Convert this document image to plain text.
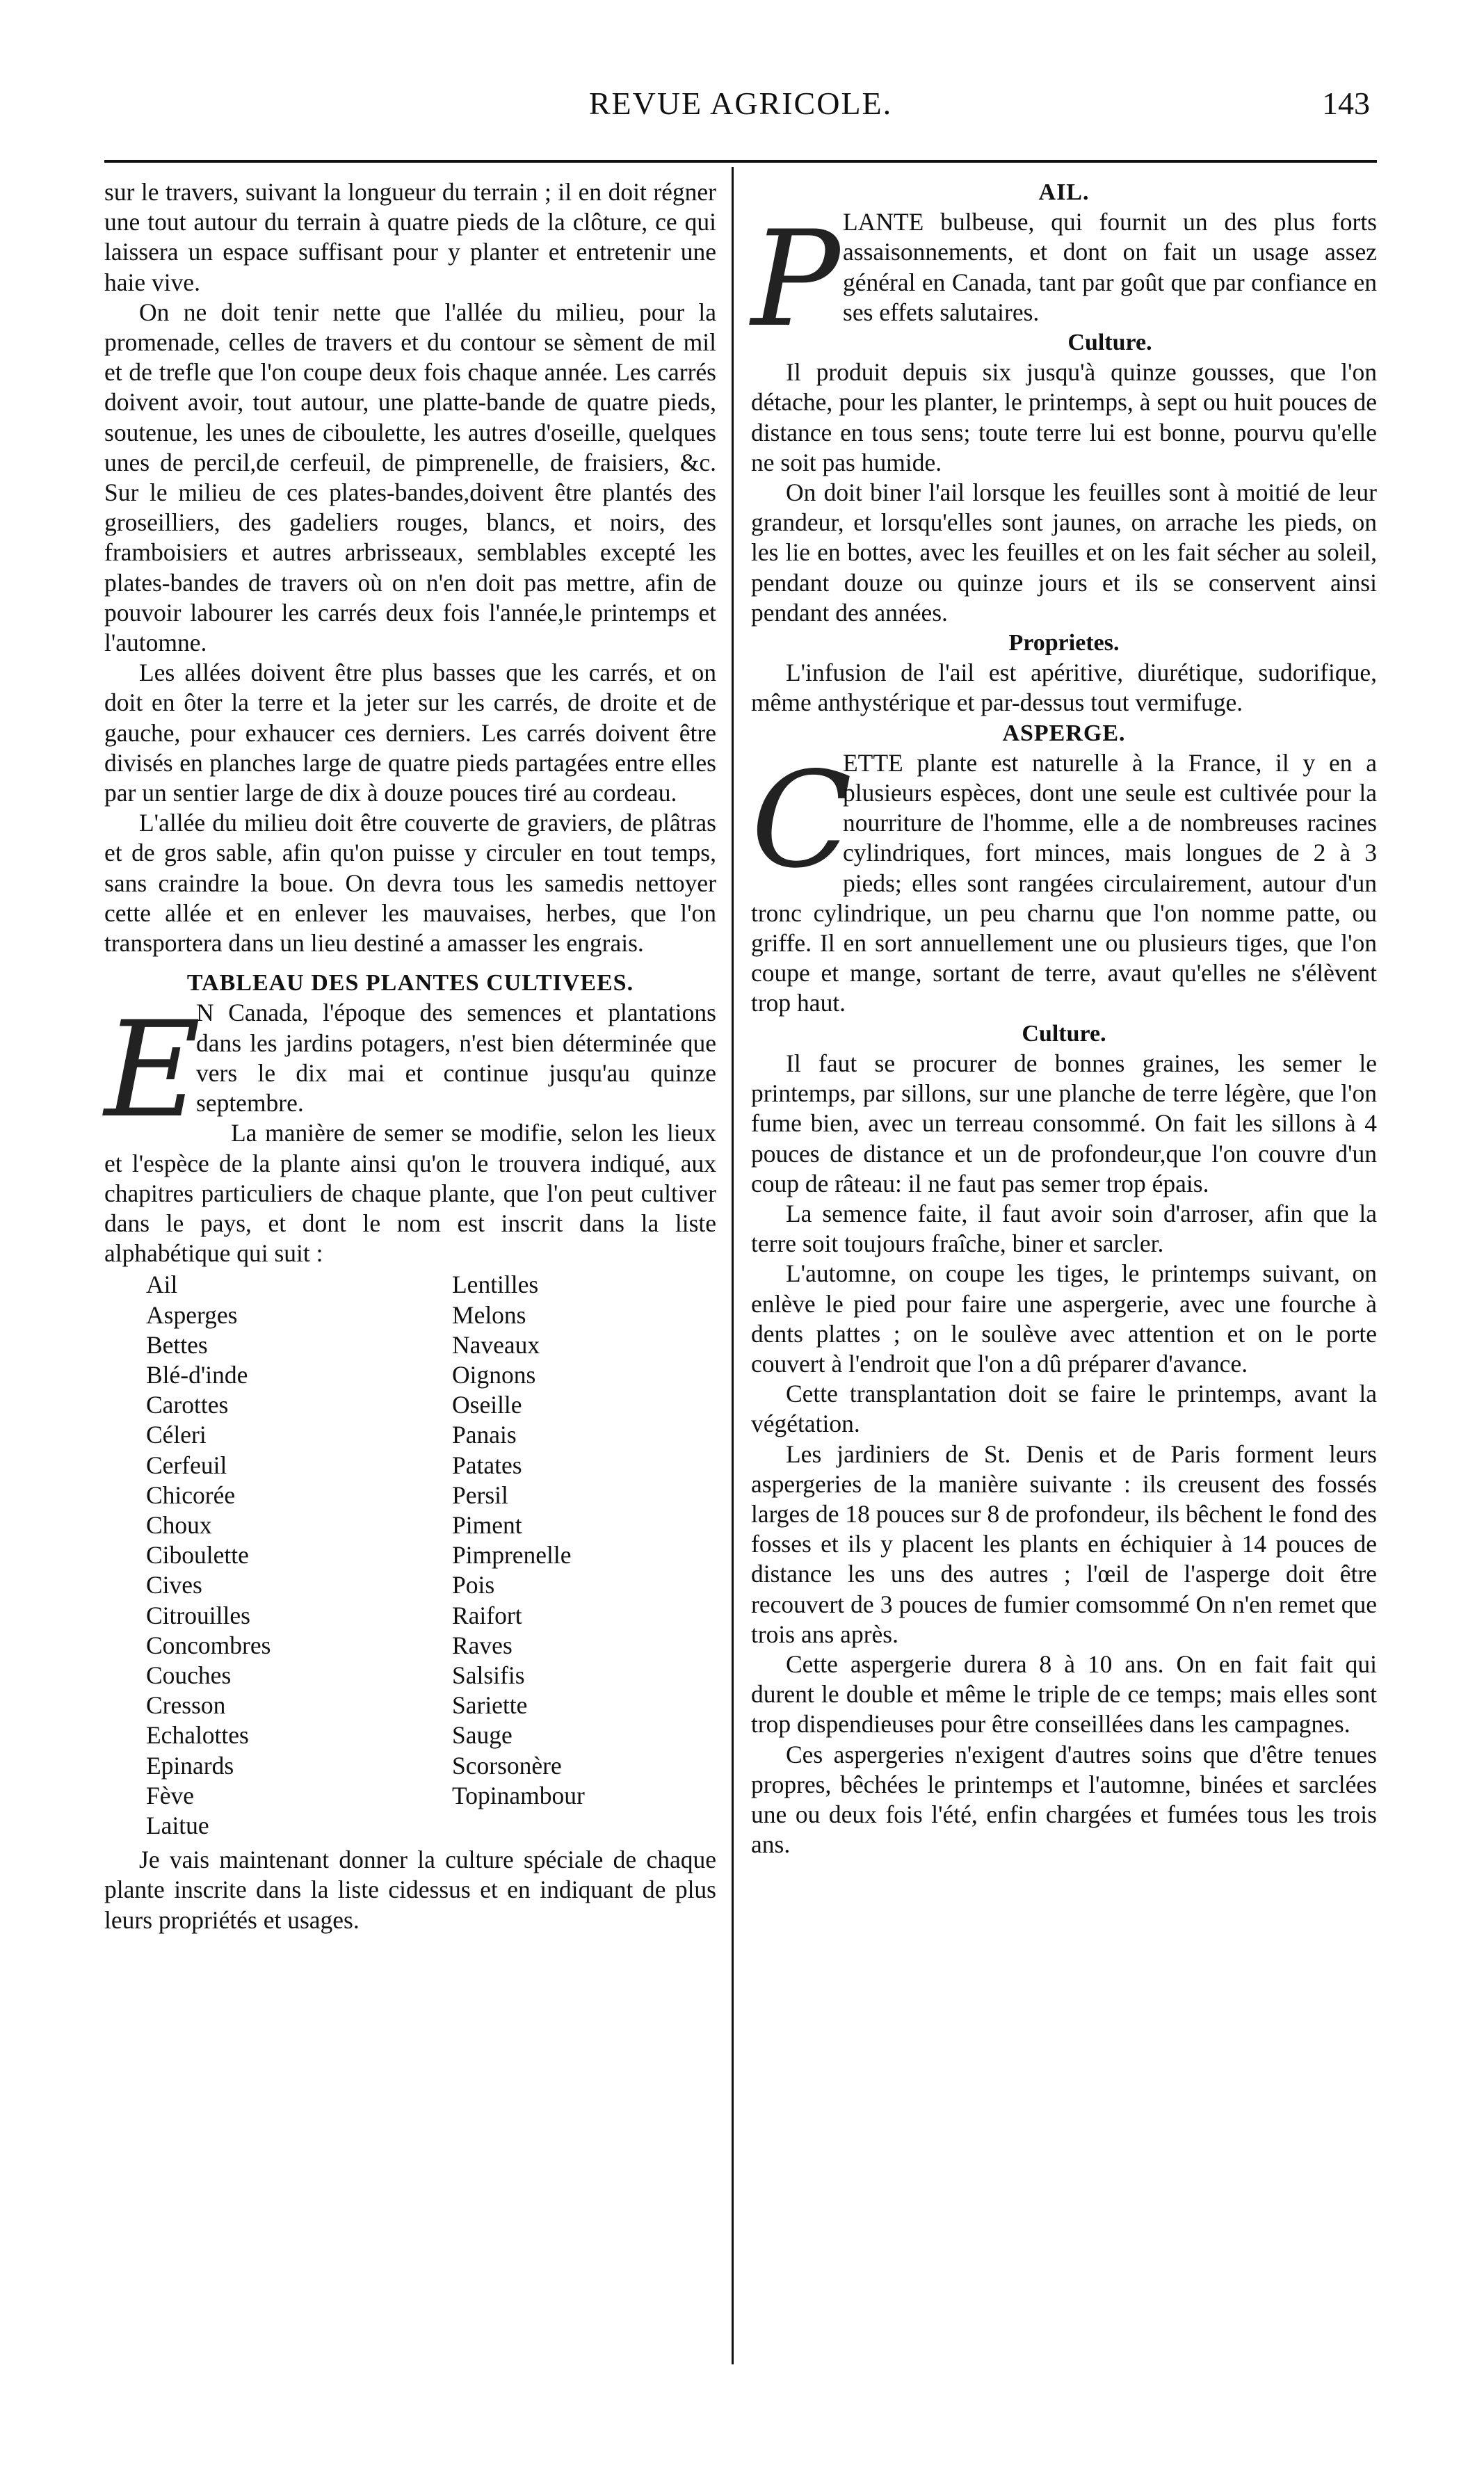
REVUE AGRICOLE.	143

sur le travers, suivant la longueur du terrain ; il en doit régner une tout autour du terrain à quatre pieds de la clôture, ce qui laissera un espace suffisant pour y planter et entretenir une haie vive.

On ne doit tenir nette que l'allée du milieu, pour la promenade, celles de travers et du contour se sèment de mil et de trefle que l'on coupe deux fois chaque année. Les carrés doivent avoir, tout autour, une platte-bande de quatre pieds, soutenue, les unes de ciboulette, les autres d'oseille, quelques unes de percil,de cerfeuil, de pimprenelle, de fraisiers, &c. Sur le milieu de ces plates-bandes,doivent être plantés des groseilliers, des gadeliers rouges, blancs, et noirs, des framboisiers et autres arbrisseaux, semblables excepté les plates-bandes de travers où on n'en doit pas mettre, afin de pouvoir labourer les carrés deux fois l'année,le printemps et l'automne.

Les allées doivent être plus basses que les carrés, et on doit en ôter la terre et la jeter sur les carrés, de droite et de gauche, pour exhaucer ces derniers. Les carrés doivent être divisés en planches large de quatre pieds partagées entre elles par un sentier large de dix à douze pouces tiré au cordeau.

L'allée du milieu doit être couverte de graviers, de plâtras et de gros sable, afin qu'on puisse y circuler en tout temps, sans craindre la boue. On devra tous les samedis nettoyer cette allée et en enlever les mauvaises, herbes, que l'on transportera dans un lieu destiné a amasser les engrais.

TABLEAU DES PLANTES CULTIVEES.
E

N Canada, l'époque des semences et plantations dans les jardins potagers, n'est bien déterminée que vers le dix mai et continue jusqu'au quinze septembre.

La manière de semer se modifie, selon les lieux et l'espèce de la plante ainsi qu'on le trouvera indiqué, aux chapitres particuliers de chaque plante, que l'on peut cultiver dans le pays, et dont le nom est inscrit dans la liste alphabétique qui suit :

Ail
Asperges
Bettes
Blé-d'inde
Carottes
Céleri
Cerfeuil
Chicorée
Choux
Ciboulette
Cives
Citrouilles
Concombres
Couches
Cresson
Echalottes
Epinards
Fève
Laitue
Lentilles
Melons
Naveaux
Oignons
Oseille
Panais
Patates
Persil
Piment
Pimprenelle
Pois
Raifort
Raves
Salsifis
Sariette
Sauge
Scorsonère
Topinambour

Je vais maintenant donner la culture spéciale de chaque plante inscrite dans la liste cidessus et en indiquant de plus leurs propriétés et usages.

AIL.
P LANTE bulbeuse, qui fournit un des plus forts assaisonnements, et dont on fait un usage assez général en Canada, tant par goût que par confiance en ses effets salutaires.

Culture.

Il produit depuis six jusqu'à quinze gousses, que l'on détache, pour les planter, le printemps, à sept ou huit pouces de distance en tous sens; toute terre lui est bonne, pourvu qu'elle ne soit pas humide.

On doit biner l'ail lorsque les feuilles sont à moitié de leur grandeur, et lorsqu'elles sont jaunes, on arrache les pieds, on les lie en bottes, avec les feuilles et on les fait sécher au soleil, pendant douze ou quinze jours et ils se conservent ainsi pendant des années.

Proprietes.

L'infusion de l'ail est apéritive, diurétique, sudorifique, même anthystérique et par-dessus tout vermifuge.

ASPERGE.
C

ETTE plante est naturelle à la France, il y en a plusieurs espèces, dont une seule est cultivée pour la nourriture de l'homme, elle a de nombreuses racines cylindriques, fort minces, mais longues de 2 à 3 pieds; elles sont rangées circulairement, autour d'un tronc cylindrique, un peu charnu que l'on nomme patte, ou griffe. Il en sort annuellement une ou plusieurs tiges, que l'on coupe et mange, sortant de terre, avaut qu'elles ne s'élèvent trop haut.

Culture.

Il faut se procurer de bonnes graines, les semer le printemps, par sillons, sur une planche de terre légère, que l'on fume bien, avec un terreau consommé. On fait les sillons à 4 pouces de distance et un de profondeur,que l'on couvre d'un coup de râteau: il ne faut pas semer trop épais.

La semence faite, il faut avoir soin d'arroser, afin que la terre soit toujours fraîche, biner et sarcler.

L'automne, on coupe les tiges, le printemps suivant, on enlève le pied pour faire une aspergerie, avec une fourche à dents plattes ; on le soulève avec attention et on le porte couvert à l'endroit que l'on a dû préparer d'avance.

Cette transplantation doit se faire le printemps, avant la végétation.

Les jardiniers de St. Denis et de Paris forment leurs aspergeries de la manière suivante : ils creusent des fossés larges de 18 pouces sur 8 de profondeur, ils bêchent le fond des fosses et ils y placent les plants en échiquier à 14 pouces de distance les uns des autres ; l'œil de l'asperge doit être recouvert de 3 pouces de fumier comsommé On n'en remet que trois ans après.

Cette aspergerie durera 8 à 10 ans. On en fait fait qui durent le double et même le triple de ce temps; mais elles sont trop dispendieuses pour être conseillées dans les campagnes.

Ces aspergeries n'exigent d'autres soins que d'être tenues propres, bêchées le printemps et l'automne, binées et sarclées une ou deux fois l'été, enfin chargées et fumées tous les trois ans.
